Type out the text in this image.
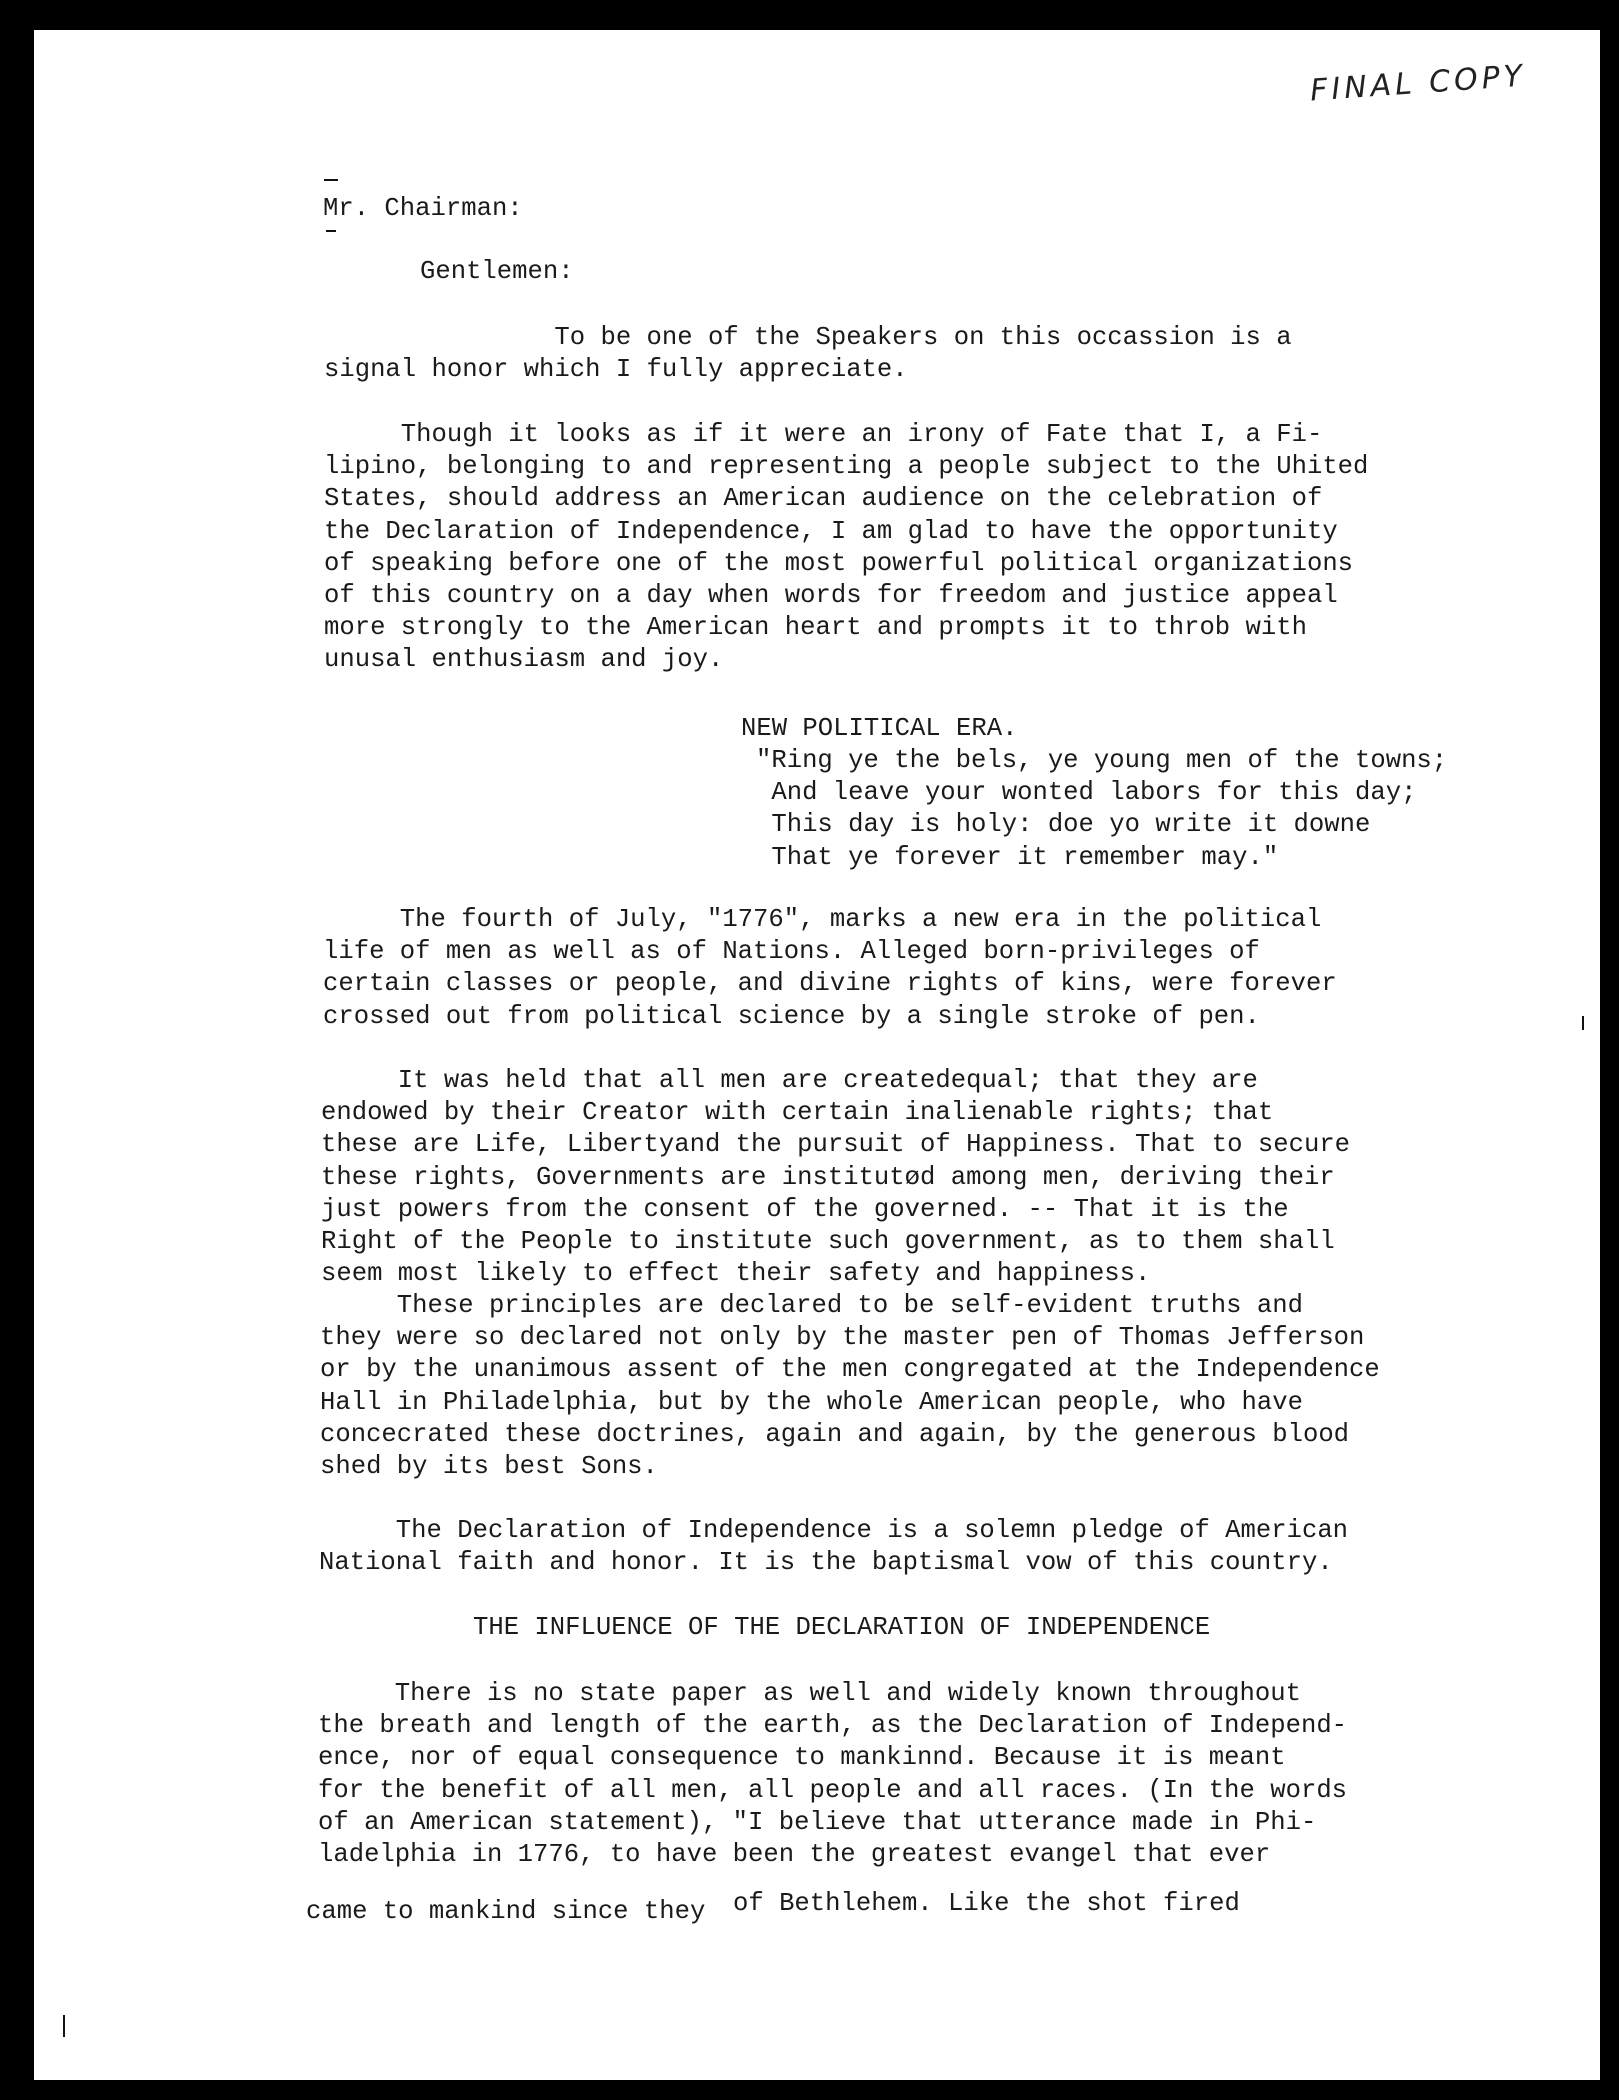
FINAL COPY

Mr. Chairman:

Gentlemen:

To be one of the Speakers on this occassion is a
signal honor which I fully appreciate.

Though it looks as if it were an irony of Fate that I, a Fi-
lipino, belonging to and representing a people subject to the Uhited
States, should address an American audience on the celebration of
the Declaration of Independence, I am glad to have the opportunity
of speaking before one of the most powerful political organizations
of this country on a day when words for freedom and justice appeal
more strongly to the American heart and prompts it to throb with
unusal enthusiasm and joy.

NEW POLITICAL ERA.

"Ring ye the bels, ye young men of the towns;
And leave your wonted labors for this day;
This day is holy: doe yo write it downe
That ye forever it remember may."

The fourth of July, "1776", marks a new era in the political
life of men as well as of Nations. Alleged born-privileges of
certain classes or people, and divine rights of kins, were forever
crossed out from political science by a single stroke of pen.

It was held that all men are createdequal; that they are
endowed by their Creator with certain inalienable rights; that
these are Life, Libertyand the pursuit of Happiness. That to secure
these rights, Governments are institutød among men, deriving their
just powers from the consent of the governed. -- That it is the
Right of the People to institute such government, as to them shall
seem most likely to effect their safety and happiness.

These principles are declared to be self-evident truths and
they were so declared not only by the master pen of Thomas Jefferson
or by the unanimous assent of the men congregated at the Independence
Hall in Philadelphia, but by the whole American people, who have
concecrated these doctrines, again and again, by the generous blood
shed by its best Sons.

The Declaration of Independence is a solemn pledge of American
National faith and honor. It is the baptismal vow of this country.

THE INFLUENCE OF THE DECLARATION OF INDEPENDENCE

There is no state paper as well and widely known throughout
the breath and length of the earth, as the Declaration of Independ-
ence, nor of equal consequence to mankinnd. Because it is meant
for the benefit of all men, all people and all races. (In the words
of an American statement), "I believe that utterance made in Phi-
ladelphia in 1776, to have been the greatest evangel that ever

came to mankind since they of Bethlehem. Like the shot fired
